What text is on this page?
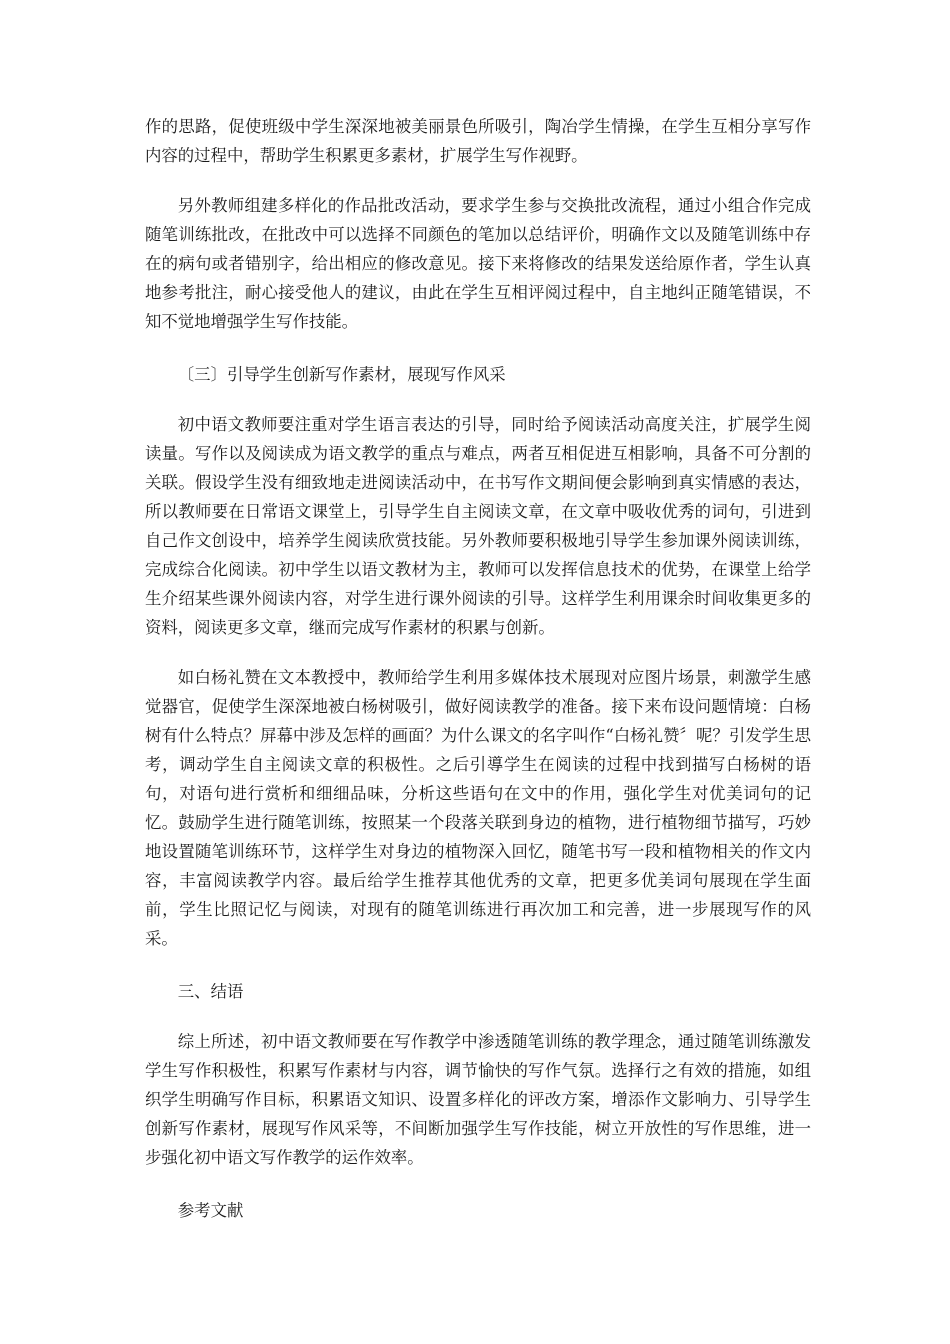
作的思路，促使班级中学生深深地被美丽景色所吸引，陶冶学生情操，在学生互相分享写作内容的过程中，帮助学生积累更多素材，扩展学生写作视野。

另外教师组建多样化的作品批改活动，要求学生参与交换批改流程，通过小组合作完成随笔训练批改，在批改中可以选择不同颜色的笔加以总结评价，明确作文以及随笔训练中存在的病句或者错别字，给出相应的修改意见。接下来将修改的结果发送给原作者，学生认真地参考批注，耐心接受他人的建议，由此在学生互相评阅过程中，自主地纠正随笔错误，不知不觉地增强学生写作技能。

〔三〕引导学生创新写作素材，展现写作风采

初中语文教师要注重对学生语言表达的引导，同时给予阅读活动高度关注，扩展学生阅读量。写作以及阅读成为语文教学的重点与难点，两者互相促进互相影响，具备不可分割的关联。假设学生没有细致地走进阅读活动中，在书写作文期间便会影响到真实情感的表达，所以教师要在日常语文课堂上，引导学生自主阅读文章，在文章中吸收优秀的词句，引进到自己作文创设中，培养学生阅读欣赏技能。另外教师要积极地引导学生参加课外阅读训练，完成综合化阅读。初中学生以语文教材为主，教师可以发挥信息技术的优势，在课堂上给学生介绍某些课外阅读内容，对学生进行课外阅读的引导。这样学生利用课余时间收集更多的资料，阅读更多文章，继而完成写作素材的积累与创新。

如白杨礼赞在文本教授中，教师给学生利用多媒体技术展现对应图片场景，刺激学生感觉器官，促使学生深深地被白杨树吸引，做好阅读教学的准备。接下来布设问题情境：白杨树有什么特点？屏幕中涉及怎样的画面？为什么课文的名字叫作“白杨礼赞〞呢？引发学生思考，调动学生自主阅读文章的积极性。之后引導学生在阅读的过程中找到描写白杨树的语句，对语句进行赏析和细细品味，分析这些语句在文中的作用，强化学生对优美词句的记忆。鼓励学生进行随笔训练，按照某一个段落关联到身边的植物，进行植物细节描写，巧妙地设置随笔训练环节，这样学生对身边的植物深入回忆，随笔书写一段和植物相关的作文内容，丰富阅读教学内容。最后给学生推荐其他优秀的文章，把更多优美词句展现在学生面前，学生比照记忆与阅读，对现有的随笔训练进行再次加工和完善，进一步展现写作的风采。

三、结语

综上所述，初中语文教师要在写作教学中渗透随笔训练的教学理念，通过随笔训练激发学生写作积极性，积累写作素材与内容，调节愉快的写作气氛。选择行之有效的措施，如组织学生明确写作目标，积累语文知识、设置多样化的评改方案，增添作文影响力、引导学生创新写作素材，展现写作风采等，不间断加强学生写作技能，树立开放性的写作思维，进一步强化初中语文写作教学的运作效率。

参考文献
